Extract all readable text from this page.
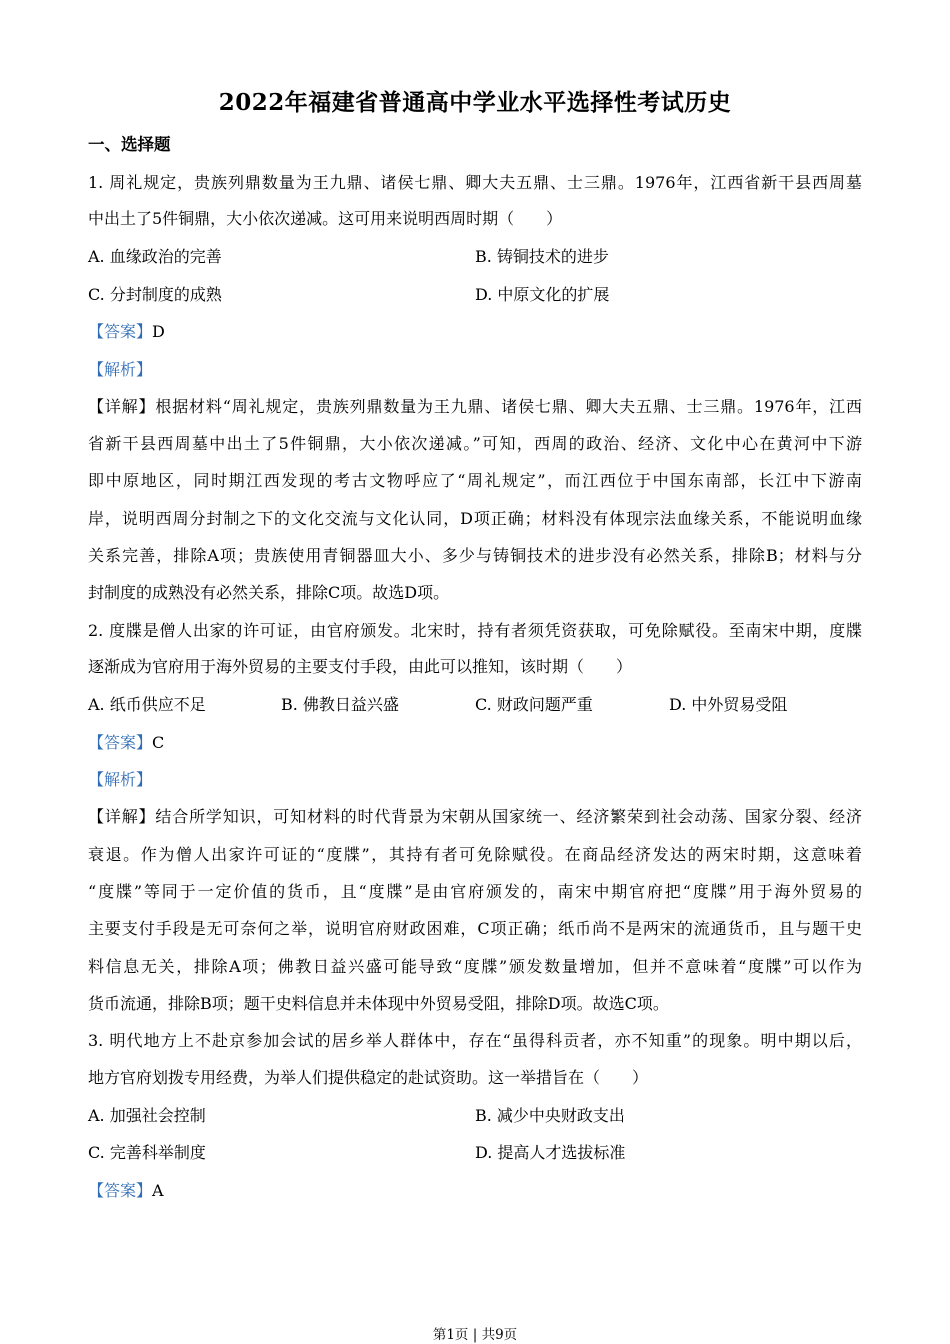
2022年福建省普通高中学业水平选择性考试历史
一、选择题
1. 周礼规定，贵族列鼎数量为王九鼎、诸侯七鼎、卿大夫五鼎、士三鼎。1976年，江西省新干县西周墓
中出土了5件铜鼎，大小依次递减。这可用来说明西周时期（　　）
A. 血缘政治的完善	B. 铸铜技术的进步
C. 分封制度的成熟	D. 中原文化的扩展
【答案】D
【解析】
【详解】根据材料“周礼规定，贵族列鼎数量为王九鼎、诸侯七鼎、卿大夫五鼎、士三鼎。1976年，江西
省新干县西周墓中出土了5件铜鼎，大小依次递减。”可知，西周的政治、经济、文化中心在黄河中下游
即中原地区，同时期江西发现的考古文物呼应了“周礼规定”，而江西位于中国东南部，长江中下游南
岸，说明西周分封制之下的文化交流与文化认同，D项正确；材料没有体现宗法血缘关系，不能说明血缘
关系完善，排除A项；贵族使用青铜器皿大小、多少与铸铜技术的进步没有必然关系，排除B；材料与分
封制度的成熟没有必然关系，排除C项。故选D项。
2. 度牒是僧人出家的许可证，由官府颁发。北宋时，持有者须凭资获取，可免除赋役。至南宋中期，度牒
逐渐成为官府用于海外贸易的主要支付手段，由此可以推知，该时期（　　）
A. 纸币供应不足	B. 佛教日益兴盛	C. 财政问题严重	D. 中外贸易受阻
【答案】C
【解析】
【详解】结合所学知识，可知材料的时代背景为宋朝从国家统一、经济繁荣到社会动荡、国家分裂、经济
衰退。作为僧人出家许可证的“度牒”，其持有者可免除赋役。在商品经济发达的两宋时期，这意味着
“度牒”等同于一定价值的货币，且“度牒”是由官府颁发的，南宋中期官府把“度牒”用于海外贸易的
主要支付手段是无可奈何之举，说明官府财政困难，C项正确；纸币尚不是两宋的流通货币，且与题干史
料信息无关，排除A项；佛教日益兴盛可能导致“度牒”颁发数量增加，但并不意味着“度牒”可以作为
货币流通，排除B项；题干史料信息并未体现中外贸易受阻，排除D项。故选C项。
3. 明代地方上不赴京参加会试的居乡举人群体中，存在“虽得科贡者，亦不知重”的现象。明中期以后，
地方官府划拨专用经费，为举人们提供稳定的赴试资助。这一举措旨在（　　）
A. 加强社会控制	B. 减少中央财政支出
C. 完善科举制度	D. 提高人才选拔标准
【答案】A
第1页 | 共9页
